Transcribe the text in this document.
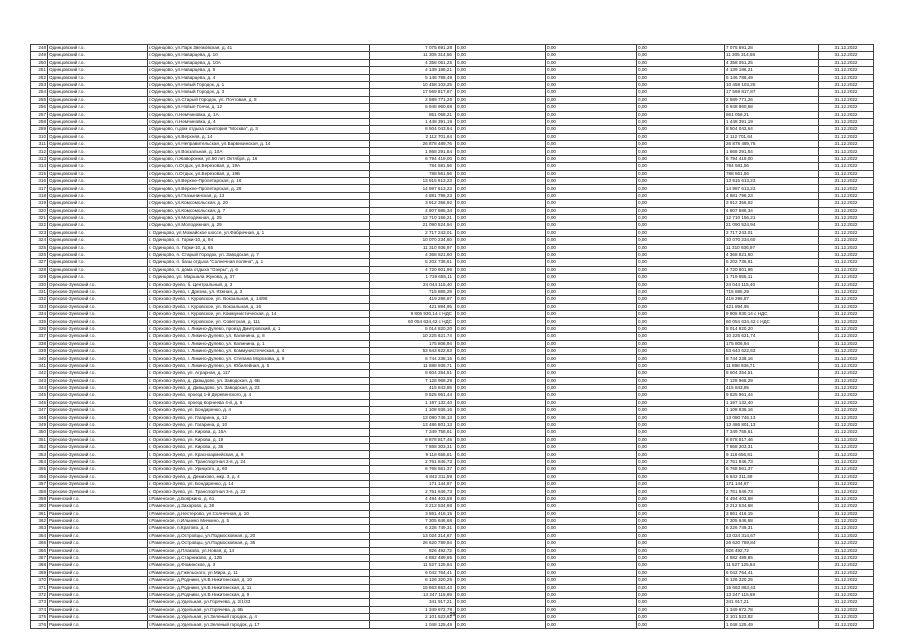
248	Одинцовский г.о.	г.Одинцово, ул.Парк Звезковская, д. 41	7 075 691,28	0,00	0,00	0,00	7 075 691,28	31.12.2022
249	Одинцовский г.о.	г.Одинцово, ул.Наварцева, д. 10	11 305 314,56	0,00	0,00	0,00	11 305 314,56	31.12.2022
250	Одинцовский г.о.	г.Одинцово, ул.Наварцева, д. 10А	4 358 051,25	0,00	0,00	0,00	4 358 051,25	31.12.2022
251	Одинцовский г.о.	г.Одинцово, ул.Наварцева, д. 8	4 139 186,21	0,00	0,00	0,00	4 139 186,21	31.12.2022
252	Одинцовский г.о.	г.Одинцово, ул.Наварцева, д. 4	5 146 788,49	0,00	0,00	0,00	5 146 788,49	31.12.2022
253	Одинцовский г.о.	г.Одинцово, ул.Новый Городок, д. 1	10 458 103,25	0,00	0,00	0,00	10 458 103,25	31.12.2022
254	Одинцовский г.о.	г.Одинцово, ул.Новый Городок, д. 3	17 569 817,87	0,00	0,00	0,00	17 569 817,87	31.12.2022
255	Одинцовский г.о.	г.Одинцово, ул.Старый Городок, ул. Почтовая, д. 8	2 589 771,26	0,00	0,00	0,00	2 589 771,26	31.12.2022
256	Одинцовский г.о.	г.Одинцово, ул.Новые Гончи, д. 12	6 948 960,68	0,00	0,00	0,00	6 948 960,68	31.12.2022
257	Одинцовский г.о.	г.Одинцово, п.Немчиновка, д. 1А	861 058,21	0,00	0,00	0,00	861 058,21	31.12.2022
258	Одинцовский г.о.	г.Одинцово, п.Немчиновка, д. 4	1 448 391,19	0,00	0,00	0,00	1 448 391,19	31.12.2022
259	Одинцовский г.о.	г.Одинцово, п.дом отдыха санатория "Москва", д. 3	8 504 043,64	0,00	0,00	0,00	8 504 043,64	31.12.2022
310	Одинцовский г.о.	г.Одинцово, ул.Верхняя, д. 14	2 112 701,64	0,00	0,00	0,00	2 112 701,64	31.12.2022
311	Одинцовский г.о.	г.Одинцово, ул.Неправительская, ул.Барвихинская, д. 14	26 878 489,76	0,00	0,00	0,00	26 878 489,76	31.12.2022
312	Одинцовский г.о.	г.Одинцово, ул.Вокзальная, д. 10А	1 868 291,84	0,00	0,00	0,00	1 868 291,84	31.12.2022
313	Одинцовский г.о.	г.Одинцово, п.Жаворонки, ул.50 лет Октября, д. 16	6 794 419,00	0,00	0,00	0,00	6 794 419,00	31.12.2022
314	Одинцовский г.о.	г.Одинцово, п.Отдых, ул.Березовая, д. 19А	784 581,56	0,00	0,00	0,00	784 581,56	31.12.2022
315	Одинцовский г.о.	г.Одинцово, п.Отдых, ул.Березовая, д. 19Б	788 561,56	0,00	0,00	0,00	788 561,56	31.12.2022
316	Одинцовский г.о.	г.Одинцово, ул.Верхне-Пролетарская, д. 16	13 915 613,23	0,00	0,00	0,00	13 915 613,23	31.12.2022
317	Одинцовский г.о.	г.Одинцово, ул.Верхне-Пролетарская, д. 26	14 987 613,23	0,00	0,00	0,00	14 987 613,23	31.12.2022
318	Одинцовский г.о.	г.Одинцово, ул.Глазынинская, д. 13	4 881 798,23	0,00	0,00	0,00	4 881 798,23	31.12.2022
319	Одинцовский г.о.	г.Одинцово, ул.Комсомольская, д. 20	3 912 356,92	0,00	0,00	0,00	3 912 356,92	31.12.2022
320	Одинцовский г.о.	г.Одинцово, ул.Комсомольская, д. 7	4 807 586,34	0,00	0,00	0,00	4 807 586,34	31.12.2022
321	Одинцовский г.о.	г.Одинцово, ул.Молодежная, д. 25	12 710 156,21	0,00	0,00	0,00	12 710 156,21	31.12.2022
322	Одинцовский г.о.	г.Одинцово, ул.Молодежная, д. 29	21 090 524,94	0,00	0,00	0,00	21 090 524,94	31.12.2022
323	Одинцовский г.о.	г. Одинцово, ул.Можайское шоссе, ул.Фабричная, д. 1	2 717 243,01	0,00	0,00	0,00	2 717 243,01	31.12.2022
324	Одинцовский г.о.	г. Одинцово, п. Горки-10, д. 94	10 070 234,60	0,00	0,00	0,00	10 070 234,60	31.12.2022
325	Одинцовский г.о.	г. Одинцово, п. Горки-10, д. 65	11 310 936,97	0,00	0,00	0,00	11 310 936,97	31.12.2022
326	Одинцовский г.о.	г. Одинцово, п. Старый Городок, ул. Заводская, д. 7	4 368 821,60	0,00	0,00	0,00	4 368 821,60	31.12.2022
327	Одинцовский г.о.	г. Одинцово, п. базы отдыха "Солнечная поляна", д. 1	5 202 736,61	0,00	0,00	0,00	5 202 736,61	31.12.2022
328	Одинцовский г.о.	г. Одинцово, п. дома отдыха "Озеры", д. 6	4 720 601,96	0,00	0,00	0,00	4 720 601,96	31.12.2022
329	Одинцовский г.о.	г. Одинцово, ул. Маршала Жукова, д. 37	1 719 655,11	0,00	0,00	0,00	1 719 655,11	31.12.2022
330	Орехово-Зуевский г.о.	г. Орехово-Зуево, б. Центральный, д. 3	24 044 115,40	0,00	0,00	0,00	24 044 115,40	31.12.2022
331	Орехово-Зуевский г.о.	г. Орехово-Зуево, г. Дрезна, ул. Южная, д. 3	715 885,29	0,00	0,00	0,00	715 885,29	31.12.2022
332	Орехово-Зуевский г.о.	г. Орехово-Зуево, г. Куровское, ул. Вокзальная, д. 14/96	419 296,87	0,00	0,00	0,00	419 296,87	31.12.2022
333	Орехово-Зуевский г.о.	г. Орехово-Зуево, г. Куровское, ул. Вокзальная, д. 16	421 894,95	0,00	0,00	0,00	421 894,95	31.12.2022
334	Орехово-Зуевский г.о.	г. Орехово-Зуево, г. Куровское, ул. Коммунистическая, д. 14	9 805 930,14 с НДС	0,00	0,00	0,00	9 805 930,14 с НДС	31.12.2022
335	Орехово-Зуевский г.о.	г. Орехово-Зуево, г. Куровское, ул. Советская, д. 111	60 054 634,42 с НДС	0,00	0,00	0,00	60 054 634,42 с НДС	31.12.2022
336	Орехово-Зуевский г.о.	г. Орехово-Зуево, г. Ликино-Дулево, проезд Дмитровский, д. 1	5 014 820,20	0,00	0,00	0,00	5 014 820,20	31.12.2022
337	Орехово-Зуевский г.о.	г. Орехово-Зуево, г. Ликино-Дулево, ул. Калинина, д. 8	10 225 621,74	0,00	0,00	0,00	10 225 621,74	31.12.2022
338	Орехово-Зуевский г.о.	г. Орехово-Зуево, г. Ликино-Дулево, ул. Калинина, д. 1	175 806,94	0,00	0,00	0,00	175 806,94	31.12.2022
339	Орехово-Зуевский г.о.	г. Орехово-Зуево, г. Ликино-Дулево, ул. Коммунистическая, д. 4	53 643 622,63	0,00	0,00	0,00	53 643 622,63	31.12.2022
340	Орехово-Зуевский г.о.	г. Орехово-Зуево, г. Ликино-Дулево, ул. Степана Морозова, д. 9	8 744 238,16	0,00	0,00	0,00	8 744 238,16	31.12.2022
341	Орехово-Зуевский г.о.	г. Орехово-Зуево, г. Ликино-Дулево, ул. Юбилейная, д. 5	11 888 936,71	0,00	0,00	0,00	11 888 936,71	31.12.2022
342	Орехово-Зуевский г.о.	г. Орехово-Зуево, ул. Аграрная, д. 117	8 604 254,51	0,00	0,00	0,00	8 604 254,51	31.12.2022
343	Орехово-Зуевский г.о.	г. Орехово-Зуево, д. Давыдово, ул. Заводская, д. 6Б	7 128 968,29	0,00	0,00	0,00	7 128 968,29	31.12.2022
344	Орехово-Зуевский г.о.	г. Орехово-Зуево, д. Давыдово, ул. Заводская, д. 23	415 843,85	0,00	0,00	0,00	415 843,85	31.12.2022
345	Орехово-Зуевский г.о.	г. Орехово-Зуево, проезд 1-й Деревенского, д. 4	9 825 961,44	0,00	0,00	0,00	9 825 961,44	31.12.2022
346	Орехово-Зуевский г.о.	г. Орехово-Зуево, проезд Корнеева 4-й, д. 6	1 197 132,40	0,00	0,00	0,00	1 197 132,40	31.12.2022
347	Орехово-Зуевский г.о.	г. Орехово-Зуево, ул. Бондаренко, д. 4	1 108 936,16	0,00	0,00	0,00	1 108 936,16	31.12.2022
348	Орехово-Зуевский г.о.	г. Орехово-Зуево, ул. Гагарина, д. 12	13 080 746,13	0,00	0,00	0,00	13 080 746,13	31.12.2022
349	Орехово-Зуевский г.о.	г. Орехово-Зуево, ул. Гагарина, д. 10	13 486 801,13	0,00	0,00	0,00	13 486 801,13	31.12.2022
350	Орехово-Зуевский г.о.	г. Орехово-Зуево, ул. Кирова, д. 16А	7 349 758,61	0,00	0,00	0,00	7 349 758,61	31.12.2022
351	Орехово-Зуевский г.о.	г. Орехово-Зуево, ул. Кирова, д. 19	8 878 817,46	0,00	0,00	0,00	8 878 817,46	31.12.2022
352	Орехово-Зуевский г.о.	г. Орехово-Зуево, ул. Кирова, д. 35	7 868 303,31	0,00	0,00	0,00	7 868 303,31	31.12.2022
353	Орехово-Зуевский г.о.	г. Орехово-Зуево, ул. Красноармейская, д. 9	9 118 656,81	0,00	0,00	0,00	9 118 656,81	31.12.2022
354	Орехово-Зуевский г.о.	г. Орехово-Зуево, ул. Транспортная 2-я, д. 24	2 761 846,73	0,00	0,00	0,00	2 761 846,73	31.12.2022
355	Орехово-Зуевский г.о.	г. Орехово-Зуево, ул. Урицкого, д. 60	6 768 561,37	0,00	0,00	0,00	6 768 561,37	31.12.2022
356	Орехово-Зуевский г.о.	г. Орехово-Зуево, д. Демихово, мкр. 3, д. 4	6 842 311,59	0,00	0,00	0,00	6 842 311,59	31.12.2022
357	Орехово-Зуевский г.о.	г. Орехово-Зуево, ул. Бондаренко, д. 14	171 144,67	0,00	0,00	0,00	171 144,67	31.12.2022
358	Орехово-Зуевский г.о.	г. Орехово-Зуево, ул. Транспортная 3-я, д. 23	2 761 846,73	0,00	0,00	0,00	2 761 846,73	31.12.2022
359	Раменский г.о.	г.Раменское, д.Бояркино, д. 61	4 494 403,58	0,00	0,00	0,00	4 494 403,58	31.12.2022
360	Раменский г.о.	г.Раменское, д.Захарово, д. 38	3 212 534,68	0,00	0,00	0,00	3 212 534,68	31.12.2022
361	Раменский г.о.	г.Раменское, д.Нестерово, ул.Солнечная, д. 10	3 861 416,15	0,00	0,00	0,00	3 861 416,15	31.12.2022
362	Раменский г.о.	г.Раменское, п.Ильинко Мичкино, д. 5	7 305 646,68	0,00	0,00	0,00	7 305 646,68	31.12.2022
363	Раменский г.о.	г.Раменское, п.Кратово, д. 4	6 226 749,31	0,00	0,00	0,00	6 226 749,31	31.12.2022
364	Раменский г.о.	г.Раменское, д.Островцы, ул.Подмосковная, д. 20	13 024 314,67	0,00	0,00	0,00	13 024 314,67	31.12.2022
365	Раменский г.о.	г.Раменское, д.Островцы, ул.Подмосковная, д. 35	26 620 789,84	0,00	0,00	0,00	26 620 789,84	31.12.2022
366	Раменский г.о.	г.Раменское, д.Плаково, ул.Новая, д. 14	926 492,72	0,00	0,00	0,00	926 492,72	31.12.2022
367	Раменский г.о.	г.Раменское, д.Старниково, д. 12Б	4 882 489,65	0,00	0,00	0,00	4 882 489,65	31.12.2022
368	Раменский г.о.	г.Раменское, д.Фоминское, д. 3	11 527 125,84	0,00	0,00	0,00	11 527 125,84	31.12.2022
369	Раменский г.о.	г.Раменское, д.Гжельского, ул.Мира, д. 11	6 042 764,41	0,00	0,00	0,00	6 042 764,41	31.12.2022
370	Раменский г.о.	г.Раменское, д.Родники, ул.В.Никитинская, д. 10	6 126 320,25	0,00	0,00	0,00	6 126 320,25	31.12.2022
371	Раменский г.о.	г.Раменское, д.Родники, ул.В.Никитинская, д. 11	15 663 863,43	0,00	0,00	0,00	15 663 863,43	31.12.2022
372	Раменский г.о.	г.Раменское, д.Родники, ул.В.Никитинская, д. 9	13 247 115,69	0,00	0,00	0,00	13 247 115,69	31.12.2022
373	Раменский г.о.	г.Раменское, д.Удельная, ул.Горячева, д. 2/1/33	341 917,21	0,00	0,00	0,00	341 917,21	31.12.2022
374	Раменский г.о.	г.Раменское, д.Удельная, ул.Горячева, д. 6Б	1 349 672,78	0,00	0,00	0,00	1 349 672,78	31.12.2022
375	Раменский г.о.	г.Раменское, д.Удельная, ул.Зеленый городок, д. 4	2 101 523,82	0,00	0,00	0,00	2 101 523,82	31.12.2022
376	Раменский г.о.	г.Раменское, д.Удельная, ул.Зеленый городок, д. 17	1 048 125,49	0,00	0,00	0,00	1 048 125,49	31.12.2022
29
